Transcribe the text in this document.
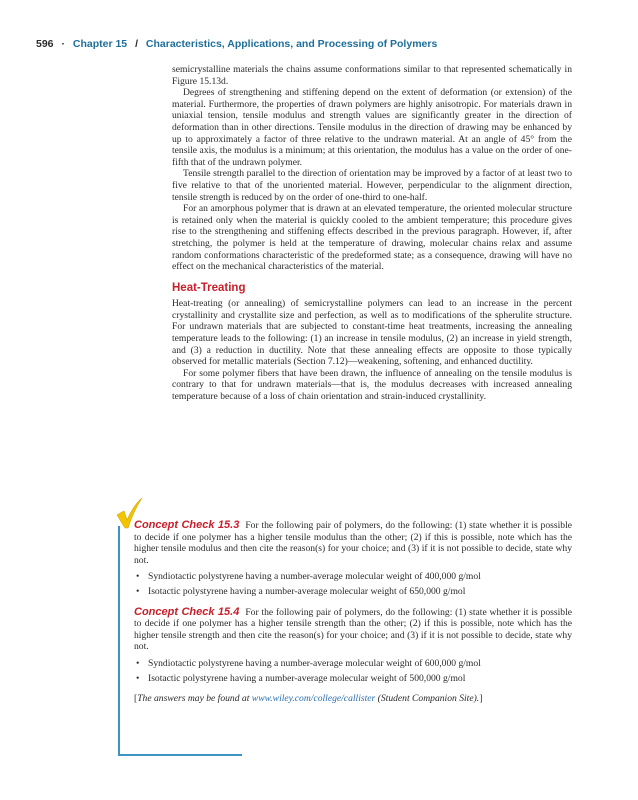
596 · Chapter 15 / Characteristics, Applications, and Processing of Polymers

semicrystalline materials the chains assume conformations similar to that represented schematically in Figure 15.13d.

Degrees of strengthening and stiffening depend on the extent of deformation (or extension) of the material. Furthermore, the properties of drawn polymers are highly anisotropic. For materials drawn in uniaxial tension, tensile modulus and strength values are significantly greater in the direction of deformation than in other directions. Tensile modulus in the direction of drawing may be enhanced by up to approximately a factor of three relative to the undrawn material. At an angle of 45° from the tensile axis, the modulus is a minimum; at this orientation, the modulus has a value on the order of one-fifth that of the undrawn polymer.

Tensile strength parallel to the direction of orientation may be improved by a factor of at least two to five relative to that of the unoriented material. However, perpendicular to the alignment direction, tensile strength is reduced by on the order of one-third to one-half.

For an amorphous polymer that is drawn at an elevated temperature, the oriented molecular structure is retained only when the material is quickly cooled to the ambient temperature; this procedure gives rise to the strengthening and stiffening effects described in the previous paragraph. However, if, after stretching, the polymer is held at the temperature of drawing, molecular chains relax and assume random conformations characteristic of the predeformed state; as a consequence, drawing will have no effect on the mechanical characteristics of the material.

Heat-Treating

Heat-treating (or annealing) of semicrystalline polymers can lead to an increase in the percent crystallinity and crystallite size and perfection, as well as to modifications of the spherulite structure. For undrawn materials that are subjected to constant-time heat treatments, increasing the annealing temperature leads to the following: (1) an increase in tensile modulus, (2) an increase in yield strength, and (3) a reduction in ductility. Note that these annealing effects are opposite to those typically observed for metallic materials (Section 7.12)—weakening, softening, and enhanced ductility.

For some polymer fibers that have been drawn, the influence of annealing on the tensile modulus is contrary to that for undrawn materials—that is, the modulus decreases with increased annealing temperature because of a loss of chain orientation and strain-induced crystallinity.

Concept Check 15.3 For the following pair of polymers, do the following: (1) state whether it is possible to decide if one polymer has a higher tensile modulus than the other; (2) if this is possible, note which has the higher tensile modulus and then cite the reason(s) for your choice; and (3) if it is not possible to decide, state why not.

• Syndiotactic polystyrene having a number-average molecular weight of 400,000 g/mol
• Isotactic polystyrene having a number-average molecular weight of 650,000 g/mol

Concept Check 15.4 For the following pair of polymers, do the following: (1) state whether it is possible to decide if one polymer has a higher tensile strength than the other; (2) if this is possible, note which has the higher tensile strength and then cite the reason(s) for your choice; and (3) if it is not possible to decide, state why not.

• Syndiotactic polystyrene having a number-average molecular weight of 600,000 g/mol
• Isotactic polystyrene having a number-average molecular weight of 500,000 g/mol

[The answers may be found at www.wiley.com/college/callister (Student Companion Site).]
